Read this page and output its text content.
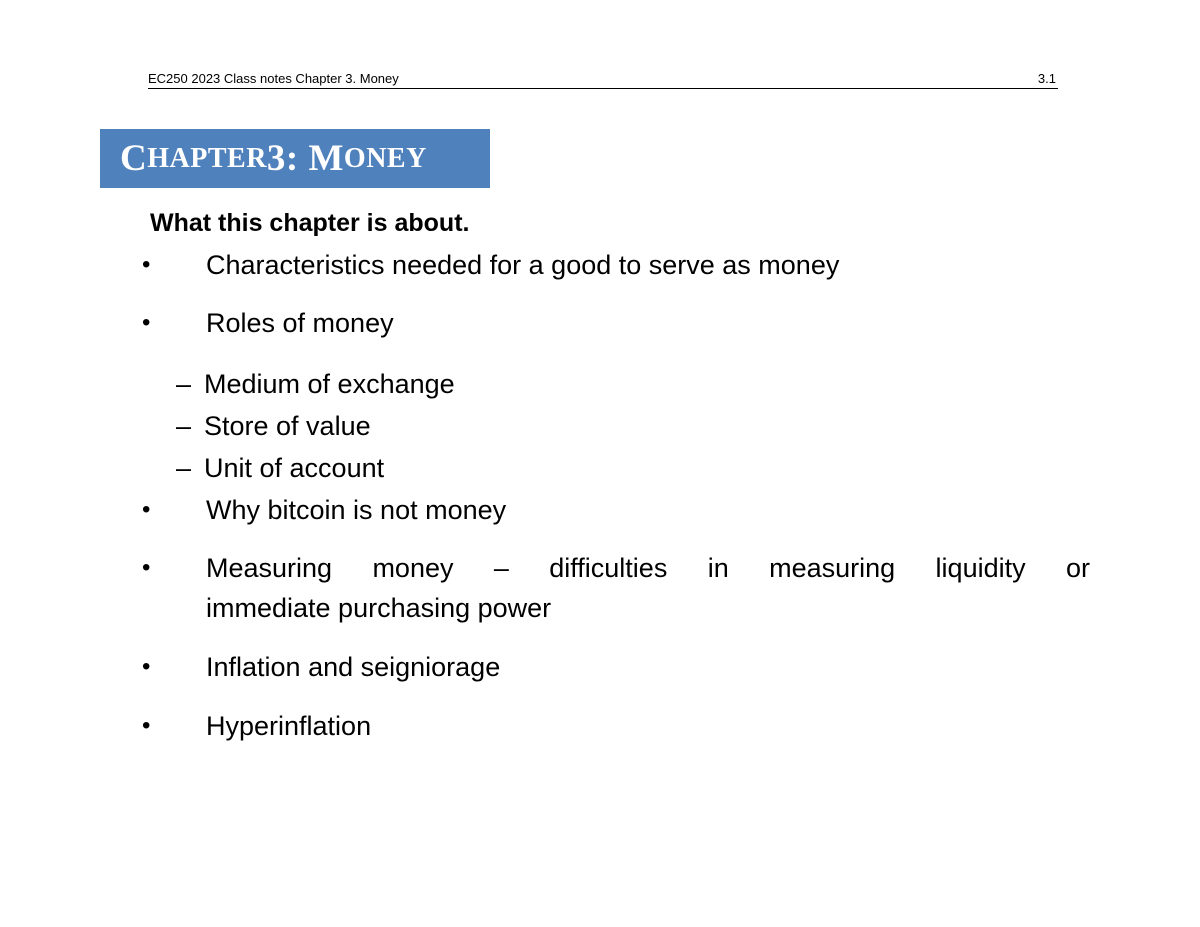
EC250 2023 Class notes Chapter 3. Money	3.1
C HAPTER 3: M ONEY
What this chapter is about.
•	Characteristics needed for a good to serve as money
•	Roles of money
– Medium of exchange
– Store of value
– Unit of account
•	Why bitcoin is not money
•	Measuring money – difficulties in measuring liquidity or
immediate purchasing power
•	Inflation and seigniorage
•	Hyperinflation
